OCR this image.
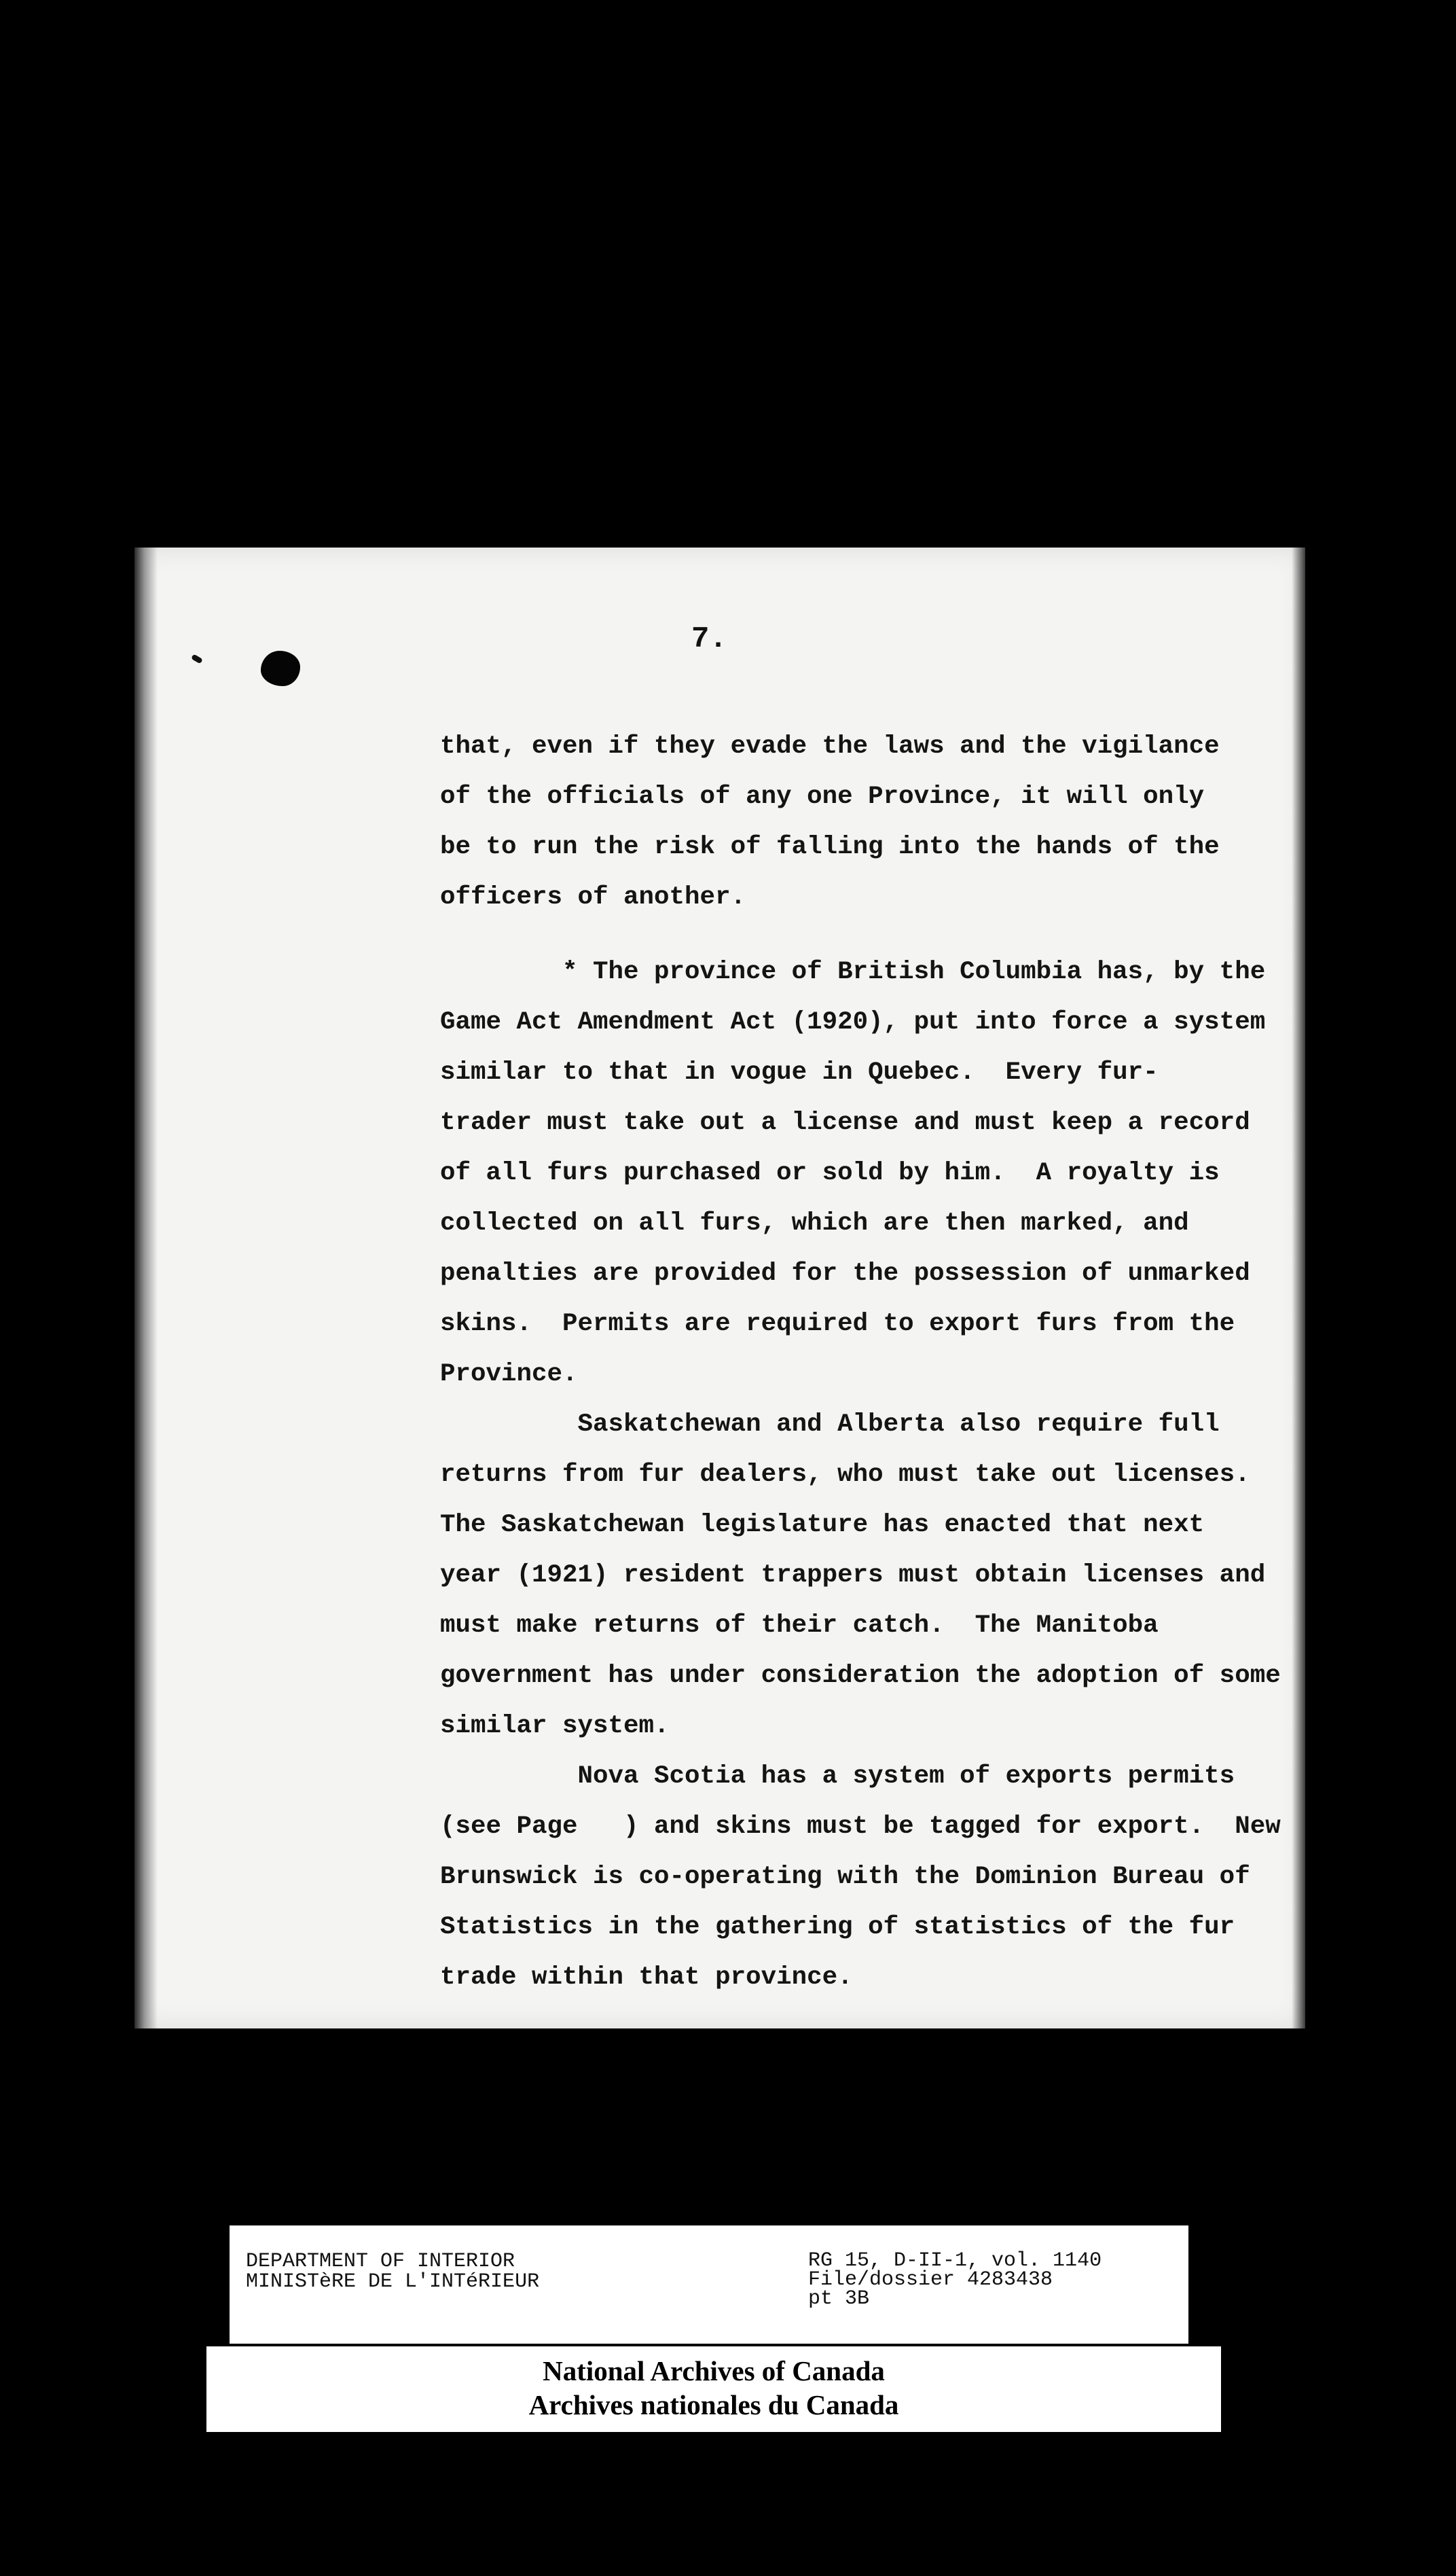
7.
that, even if they evade the laws and the vigilance
of the officials of any one Province, it will only
be to run the risk of falling into the hands of the
officers of another.
* The province of British Columbia has, by the
Game Act Amendment Act (1920), put into force a system
similar to that in vogue in Quebec.  Every fur-
trader must take out a license and must keep a record
of all furs purchased or sold by him.  A royalty is
collected on all furs, which are then marked, and
penalties are provided for the possession of unmarked
skins.  Permits are required to export furs from the
Province.
Saskatchewan and Alberta also require full
returns from fur dealers, who must take out licenses.
The Saskatchewan legislature has enacted that next
year (1921) resident trappers must obtain licenses and
must make returns of their catch.  The Manitoba
government has under consideration the adoption of some
similar system.
Nova Scotia has a system of exports permits
(see Page   ) and skins must be tagged for export.  New
Brunswick is co-operating with the Dominion Bureau of
Statistics in the gathering of statistics of the fur
trade within that province.
DEPARTMENT OF INTERIOR
MINISTèRE DE L'INTéRIEUR
RG 15, D-II-1, vol. 1140
File/dossier 4283438
pt 3B
National Archives of Canada
Archives nationales du Canada
